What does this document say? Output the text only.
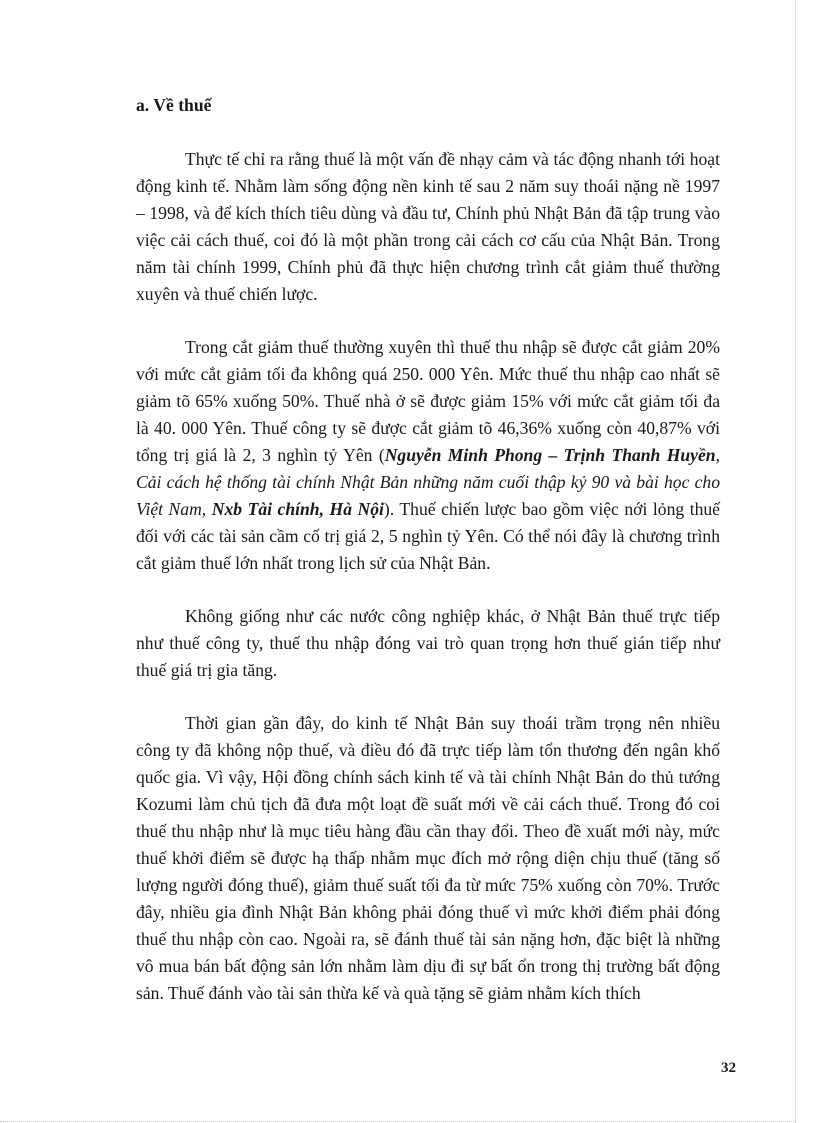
a. Về thuế

Thực tế chỉ ra rằng thuế là một vấn đề nhạy cảm và tác động nhanh tới hoạt động kinh tế. Nhằm làm sống động nền kinh tế sau 2 năm suy thoái nặng nề 1997 – 1998, và để kích thích tiêu dùng và đầu tư, Chính phủ Nhật Bản đã tập trung vào việc cải cách thuế, coi đó là một phần trong cải cách cơ cấu của Nhật Bản. Trong năm tài chính 1999, Chính phủ đã thực hiện chương trình cắt giảm thuế thường xuyên và thuế chiến lược.

Trong cắt giảm thuế thường xuyên thì thuế thu nhập sẽ được cắt giảm 20% với mức cắt giảm tối đa không quá 250. 000 Yên. Mức thuế thu nhập cao nhất sẽ giảm tõ 65% xuống 50%. Thuế nhà ở sẽ được giảm 15% với mức cắt giảm tối đa là 40. 000 Yên. Thuế công ty sẽ được cắt giảm tõ 46,36% xuống còn 40,87% với tổng trị giá là 2, 3 nghìn tỷ Yên (Nguyễn Minh Phong – Trịnh Thanh Huyền, Cải cách hệ thống tài chính Nhật Bản những năm cuối thập kỷ 90 và bài học cho Việt Nam, Nxb Tài chính, Hà Nội). Thuế chiến lược bao gồm việc nới lỏng thuế đối với các tài sản cầm cố trị giá 2, 5 nghìn tỷ Yên. Có thể nói đây là chương trình cắt giảm thuế lớn nhất trong lịch sử của Nhật Bản.

Không giống như các nước công nghiệp khác, ở Nhật Bản thuế trực tiếp như thuế công ty, thuế thu nhập đóng vai trò quan trọng hơn thuế gián tiếp như thuế giá trị gia tăng.

Thời gian gần đây, do kinh tế Nhật Bản suy thoái trầm trọng nên nhiều công ty đã không nộp thuế, và điều đó đã trực tiếp làm tổn thương đến ngân khố quốc gia. Vì vậy, Hội đồng chính sách kinh tế và tài chính Nhật Bản do thủ tướng Kozumi làm chủ tịch đã đưa một loạt đề suất mới về cải cách thuế. Trong đó coi thuế thu nhập như là mục tiêu hàng đầu cần thay đổi. Theo đề xuất mới này, mức thuế khởi điểm sẽ được hạ thấp nhằm mục đích mở rộng diện chịu thuế (tăng số lượng người đóng thuế), giảm thuế suất tối đa từ mức 75% xuống còn 70%. Trước đây, nhiều gia đình Nhật Bản không phải đóng thuế vì mức khởi điểm phải đóng thuế thu nhập còn cao. Ngoài ra, sẽ đánh thuế tài sản nặng hơn, đặc biệt là những vô mua bán bất động sản lớn nhằm làm dịu đi sự bất ổn trong thị trường bất động sản. Thuế đánh vào tài sản thừa kế và quà tặng sẽ giảm nhằm kích thích

32
